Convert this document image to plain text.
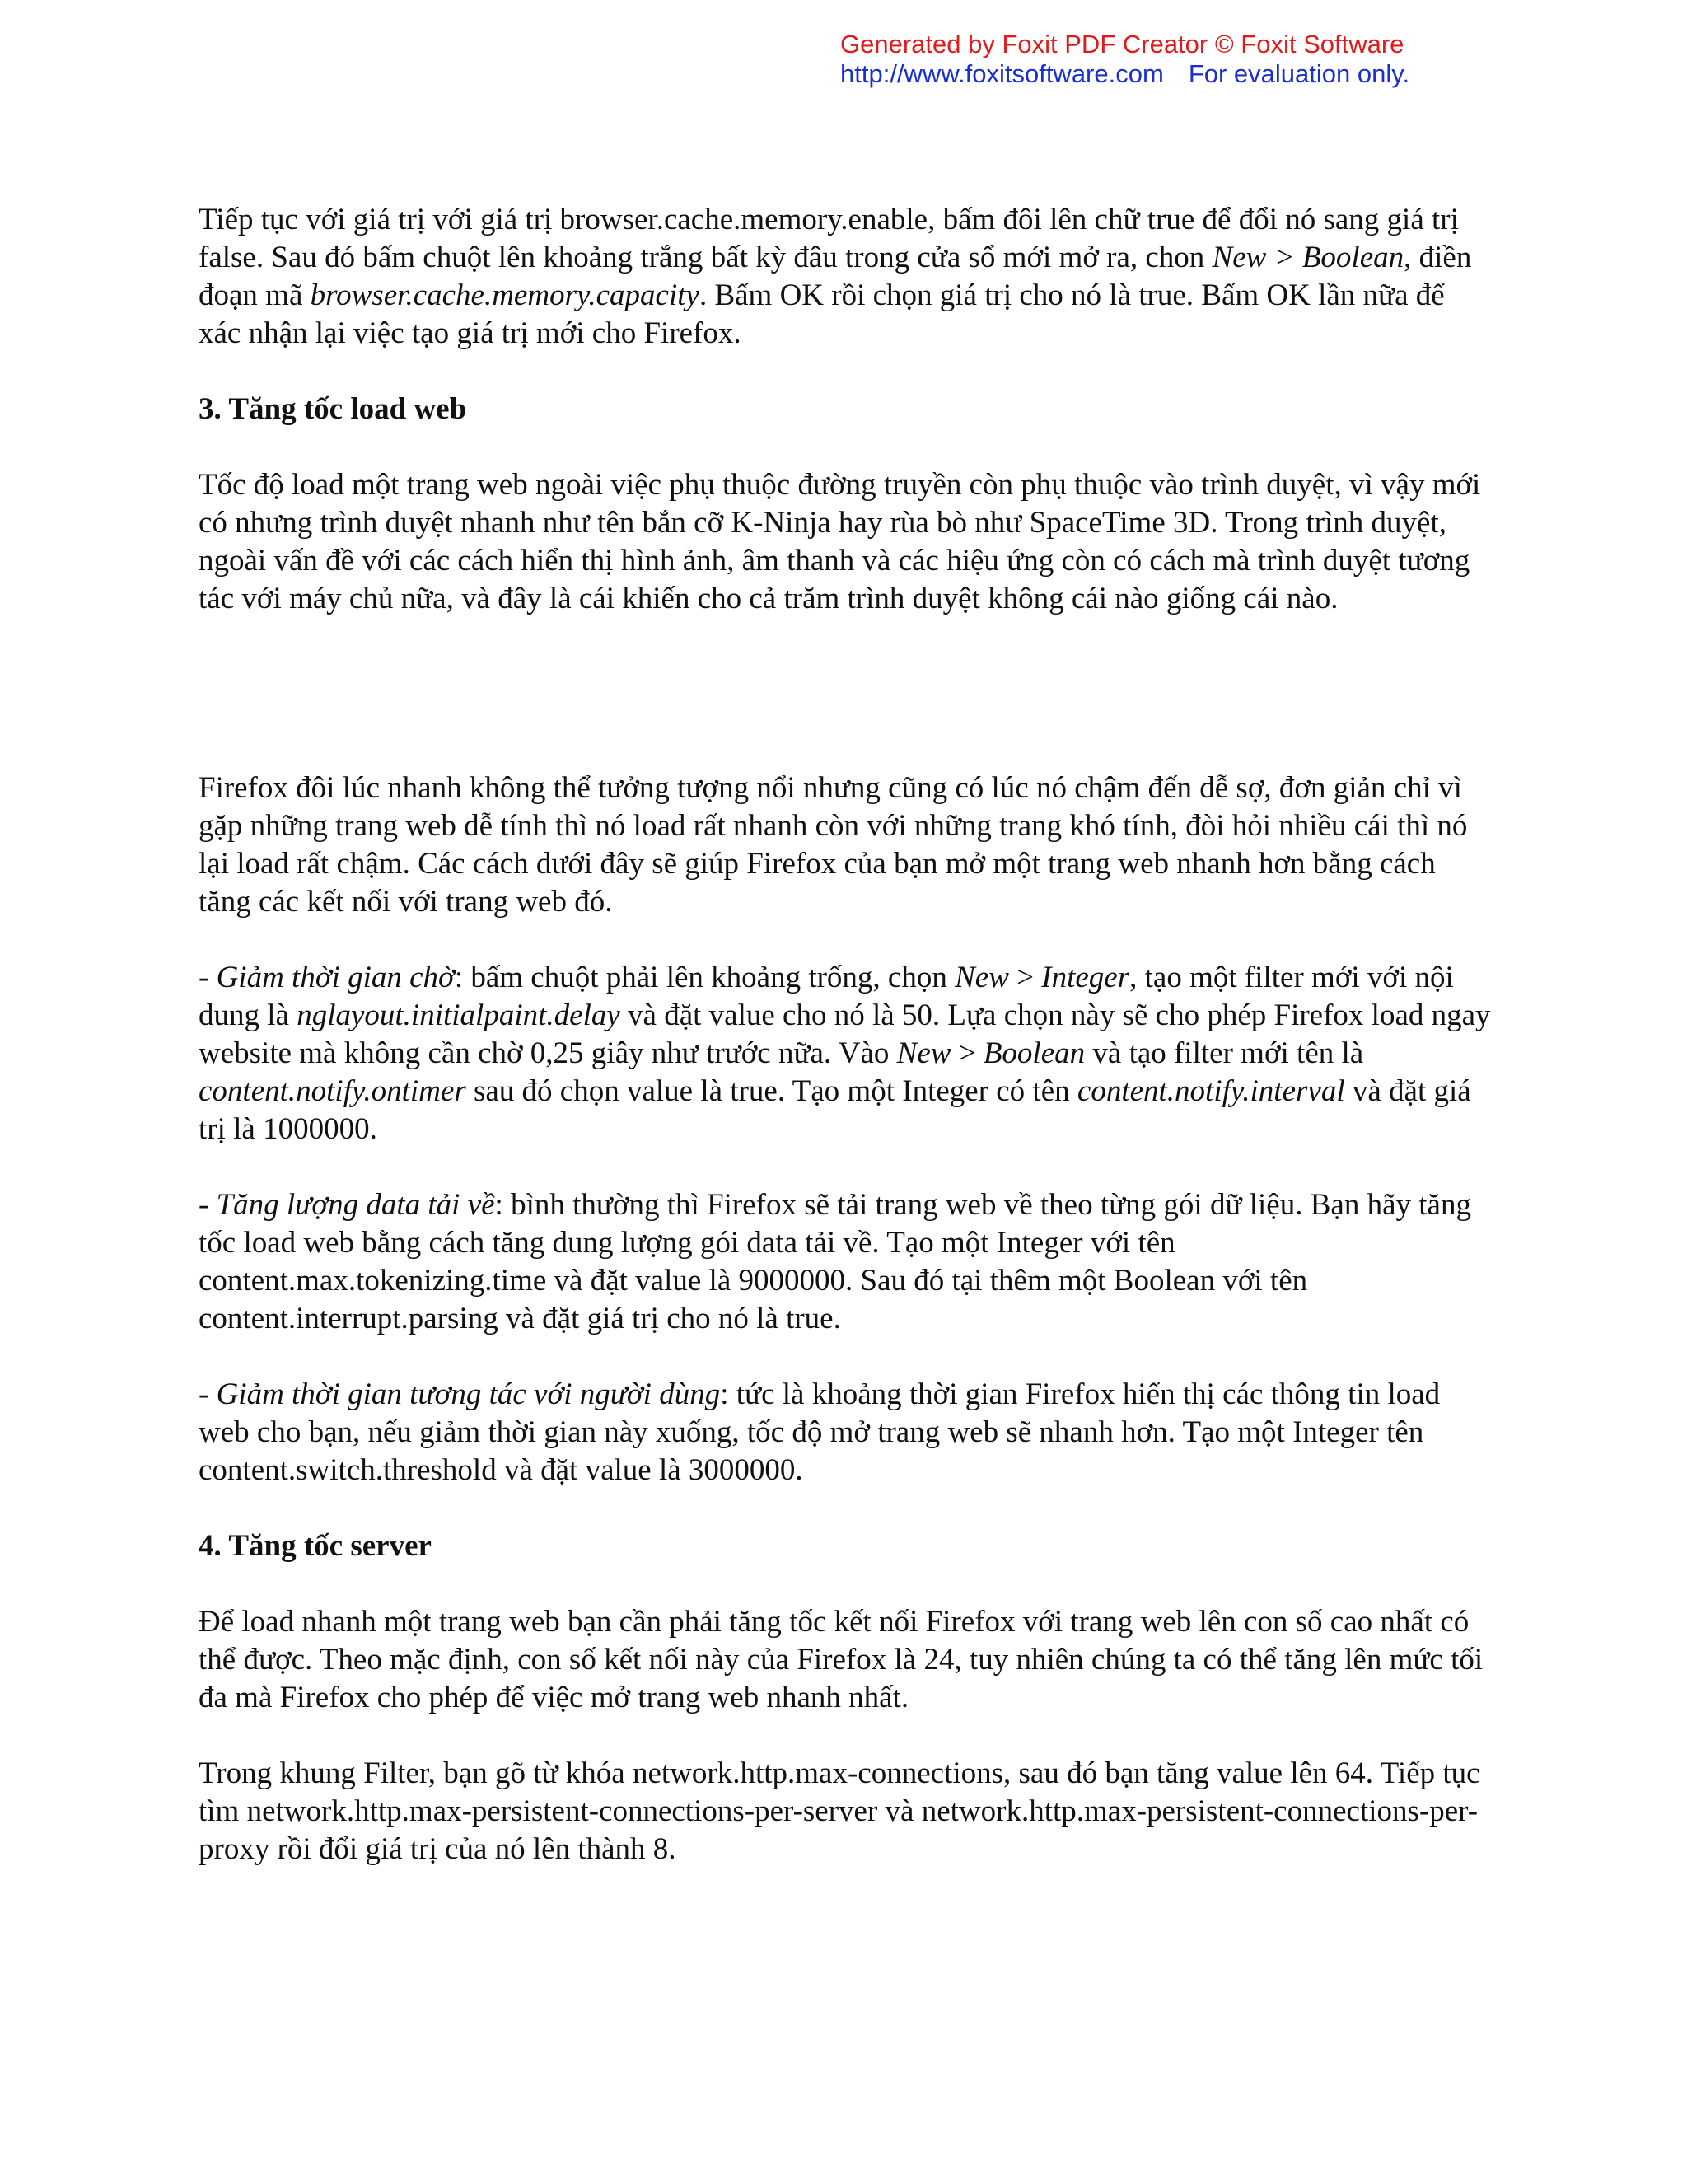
Generated by Foxit PDF Creator © Foxit Software
http://www.foxitsoftware.com For evaluation only.

Tiếp tục với giá trị với giá trị browser.cache.memory.enable, bấm đôi lên chữ true để đổi nó sang giá trị false. Sau đó bấm chuột lên khoảng trắng bất kỳ đâu trong cửa sổ mới mở ra, chon New > Boolean, điền đoạn mã browser.cache.memory.capacity. Bấm OK rồi chọn giá trị cho nó là true. Bấm OK lần nữa để xác nhận lại việc tạo giá trị mới cho Firefox.

3. Tăng tốc load web

Tốc độ load một trang web ngoài việc phụ thuộc đường truyền còn phụ thuộc vào trình duyệt, vì vậy mới có nhưng trình duyệt nhanh như tên bắn cỡ K-Ninja hay rùa bò như SpaceTime 3D. Trong trình duyệt, ngoài vấn đề với các cách hiển thị hình ảnh, âm thanh và các hiệu ứng còn có cách mà trình duyệt tương tác với máy chủ nữa, và đây là cái khiến cho cả trăm trình duyệt không cái nào giống cái nào.

Firefox đôi lúc nhanh không thể tưởng tượng nổi nhưng cũng có lúc nó chậm đến dễ sợ, đơn giản chỉ vì gặp những trang web dễ tính thì nó load rất nhanh còn với những trang khó tính, đòi hỏi nhiều cái thì nó lại load rất chậm. Các cách dưới đây sẽ giúp Firefox của bạn mở một trang web nhanh hơn bằng cách tăng các kết nối với trang web đó.

- Giảm thời gian chờ: bấm chuột phải lên khoảng trống, chọn New > Integer, tạo một filter mới với nội dung là nglayout.initialpaint.delay và đặt value cho nó là 50. Lựa chọn này sẽ cho phép Firefox load ngay website mà không cần chờ 0,25 giây như trước nữa. Vào New > Boolean và tạo filter mới tên là content.notify.ontimer sau đó chọn value là true. Tạo một Integer có tên content.notify.interval và đặt giá trị là 1000000.

- Tăng lượng data tải về: bình thường thì Firefox sẽ tải trang web về theo từng gói dữ liệu. Bạn hãy tăng tốc load web bằng cách tăng dung lượng gói data tải về. Tạo một Integer với tên content.max.tokenizing.time và đặt value là 9000000. Sau đó tại thêm một Boolean với tên content.interrupt.parsing và đặt giá trị cho nó là true.

- Giảm thời gian tương tác với người dùng: tức là khoảng thời gian Firefox hiển thị các thông tin load web cho bạn, nếu giảm thời gian này xuống, tốc độ mở trang web sẽ nhanh hơn. Tạo một Integer tên content.switch.threshold và đặt value là 3000000.

4. Tăng tốc server

Để load nhanh một trang web bạn cần phải tăng tốc kết nối Firefox với trang web lên con số cao nhất có thể được. Theo mặc định, con số kết nối này của Firefox là 24, tuy nhiên chúng ta có thể tăng lên mức tối đa mà Firefox cho phép để việc mở trang web nhanh nhất.

Trong khung Filter, bạn gõ từ khóa network.http.max-connections, sau đó bạn tăng value lên 64. Tiếp tục tìm network.http.max-persistent-connections-per-server và network.http.max-persistent-connections-per-proxy rồi đổi giá trị của nó lên thành 8.
